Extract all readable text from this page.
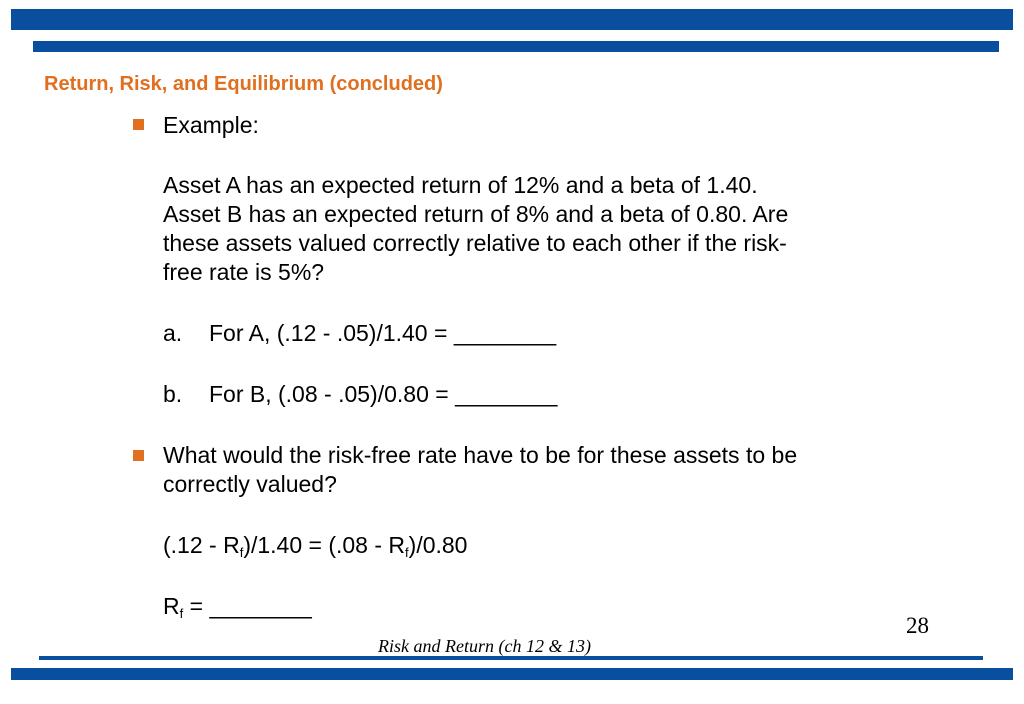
Return, Risk, and Equilibrium (concluded)
Example:
Asset A has an expected return of 12% and a beta of 1.40.
Asset B has an expected return of 8% and a beta of 0.80. Are
these assets valued correctly relative to each other if the risk-
free rate is 5%?
a. For A, (.12 - .05)/1.40 = ________
b. For B, (.08 - .05)/0.80 = ________
What would the risk-free rate have to be for these assets to be
correctly valued?
$(.12 - R_f)/1.40 = (.08 - R_f)/0.80$
$R_f$ = ________
28
Risk and Return (ch 12 & 13)
